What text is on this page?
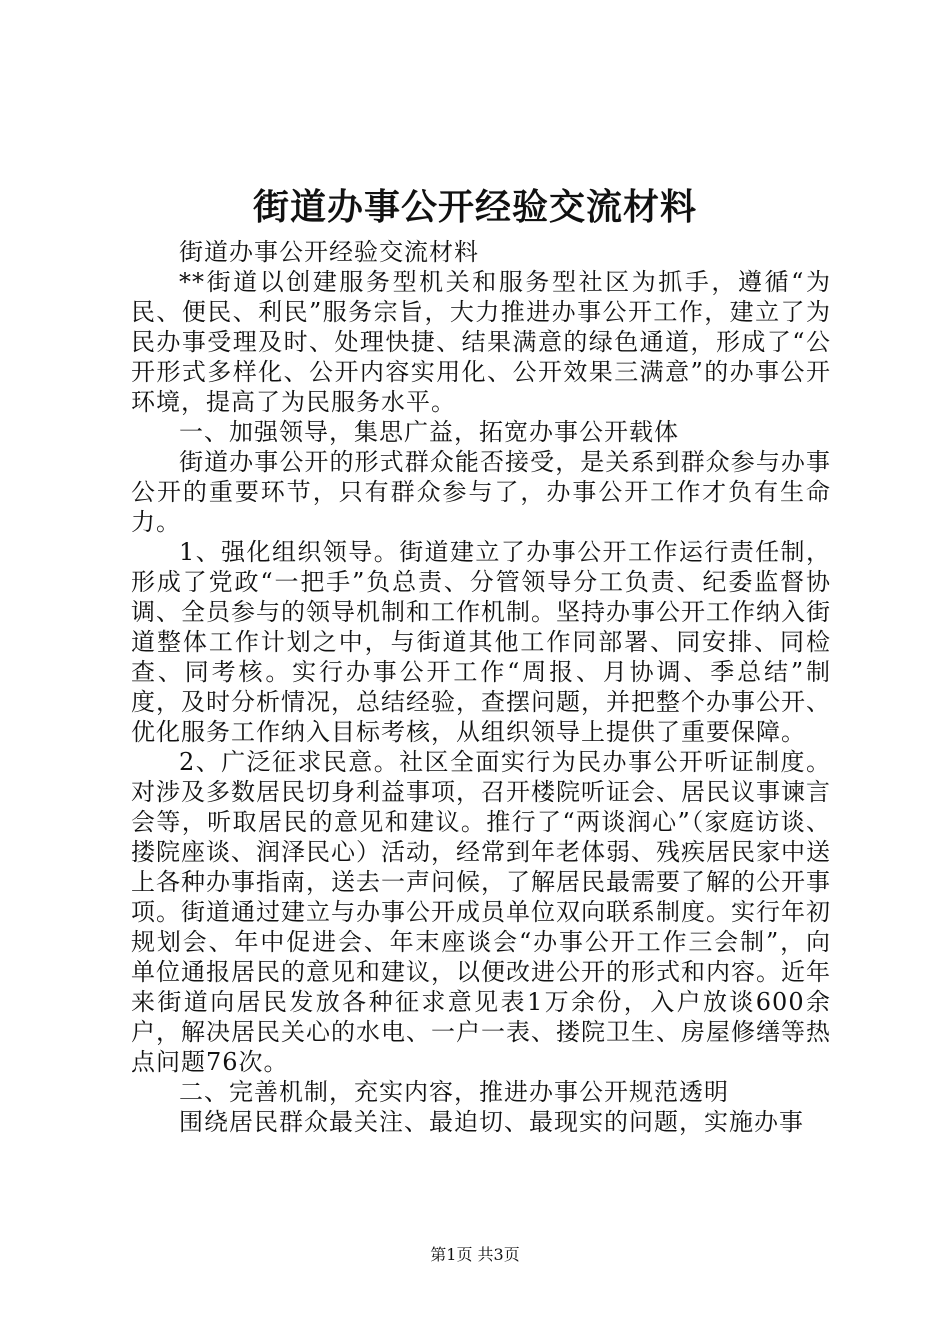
街道办事公开经验交流材料

街道办事公开经验交流材料

**街道以创建服务型机关和服务型社区为抓手，遵循“为民、便民、利民”服务宗旨，大力推进办事公开工作，建立了为民办事受理及时、处理快捷、结果满意的绿色通道，形成了“公开形式多样化、公开内容实用化、公开效果三满意”的办事公开环境，提高了为民服务水平。

一、加强领导，集思广益，拓宽办事公开载体

街道办事公开的形式群众能否接受，是关系到群众参与办事公开的重要环节，只有群众参与了，办事公开工作才负有生命力。

1、强化组织领导。街道建立了办事公开工作运行责任制，形成了党政“一把手”负总责、分管领导分工负责、纪委监督协调、全员参与的领导机制和工作机制。坚持办事公开工作纳入街道整体工作计划之中，与街道其他工作同部署、同安排、同检查、同考核。实行办事公开工作“周报、月协调、季总结”制度，及时分析情况，总结经验，查摆问题，并把整个办事公开、优化服务工作纳入目标考核，从组织领导上提供了重要保障。

2、广泛征求民意。社区全面实行为民办事公开听证制度。对涉及多数居民切身利益事项，召开楼院听证会、居民议事谏言会等，听取居民的意见和建议。推行了“两谈润心”（家庭访谈、搂院座谈、润泽民心）活动，经常到年老体弱、残疾居民家中送上各种办事指南，送去一声问候，了解居民最需要了解的公开事项。街道通过建立与办事公开成员单位双向联系制度。实行年初规划会、年中促进会、年末座谈会“办事公开工作三会制”，向单位通报居民的意见和建议，以便改进公开的形式和内容。近年来街道向居民发放各种征求意见表1万余份，入户放谈600余户，解决居民关心的水电、一户一表、搂院卫生、房屋修缮等热点问题76次。

二、完善机制，充实内容，推进办事公开规范透明

围绕居民群众最关注、最迫切、最现实的问题，实施办事

第1页 共3页
